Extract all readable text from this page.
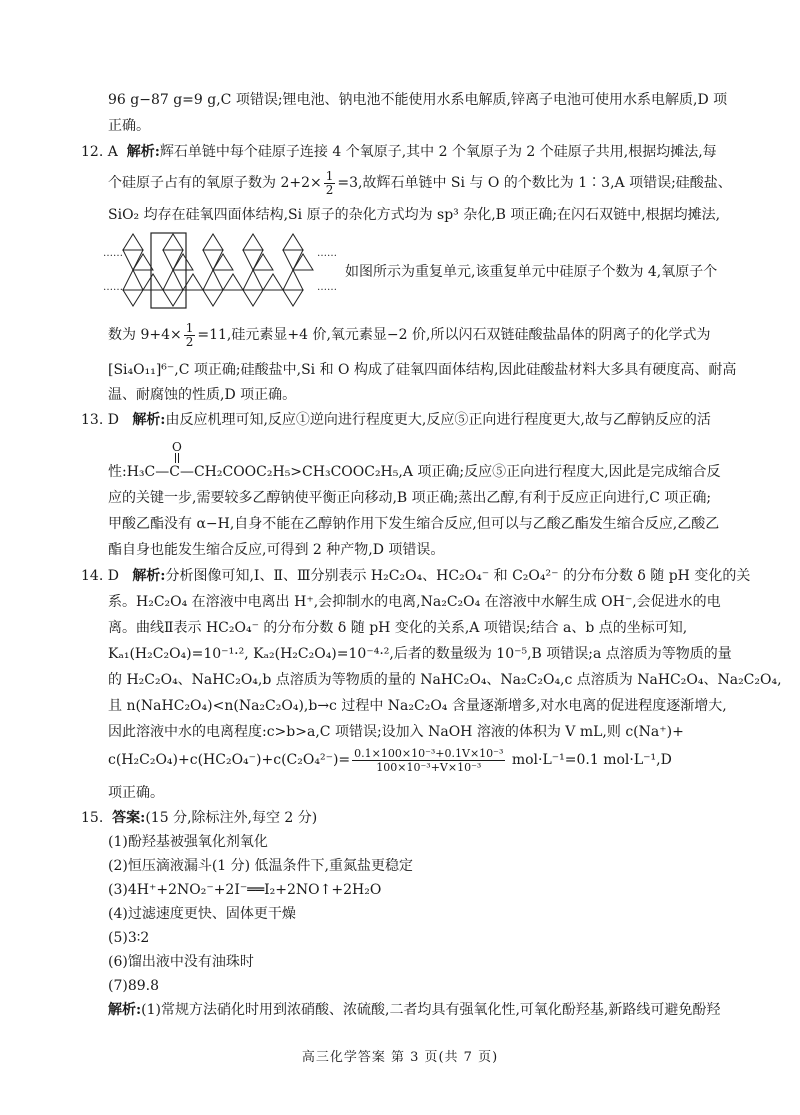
96 g−87 g=9 g,C 项错误;锂电池、钠电池不能使用水系电解质,锌离子电池可使用水系电解质,D 项
正确。
12. A 解析:辉石单链中每个硅原子连接 4 个氧原子,其中 2 个氧原子为 2 个硅原子共用,根据均摊法,每
个硅原子占有的氧原子数为 $2+2\times \frac{1}{2} =3$,故辉石单链中 Si 与 O 的个数比为 1∶3,A 项错误;硅酸盐、
SiO₂ 均存在硅氧四面体结构,Si 原子的杂化方式均为 sp³ 杂化,B 项正确;在闪石双链中,根据均摊法,
……
……
……
……
如图所示为重复单元,该重复单元中硅原子个数为 4,氧原子个
数为 $9+4\times \frac{1}{2} =11$,硅元素显+4 价,氧元素显−2 价,所以闪石双链硅酸盐晶体的阴离子的化学式为
[Si₄O₁₁]⁶⁻,C 项正确;硅酸盐中,Si 和 O 构成了硅氧四面体结构,因此硅酸盐材料大多具有硬度高、耐高
温、耐腐蚀的性质,D 项正确。
13. D 解析:由反应机理可知,反应①逆向进行程度更大,反应⑤正向进行程度更大,故与乙醇钠反应的活
O
性:H₃C—C—CH₂COOC₂H₅>CH₃COOC₂H₅,A 项正确;反应⑤正向进行程度大,因此是完成缩合反
应的关键一步,需要较多乙醇钠使平衡正向移动,B 项正确;蒸出乙醇,有利于反应正向进行,C 项正确;
甲酸乙酯没有 α−H,自身不能在乙醇钠作用下发生缩合反应,但可以与乙酸乙酯发生缩合反应,乙酸乙
酯自身也能发生缩合反应,可得到 2 种产物,D 项错误。
14. D 解析:分析图像可知,Ⅰ、Ⅱ、Ⅲ分别表示 H₂C₂O₄、HC₂O₄⁻ 和 C₂O₄²⁻ 的分布分数 δ 随 pH 变化的关
系。H₂C₂O₄ 在溶液中电离出 H⁺,会抑制水的电离,Na₂C₂O₄ 在溶液中水解生成 OH⁻,会促进水的电
离。曲线Ⅱ表示 HC₂O₄⁻ 的分布分数 δ 随 pH 变化的关系,A 项错误;结合 a、b 点的坐标可知,
Kₐ₁(H₂C₂O₄)=10⁻¹·², Kₐ₂(H₂C₂O₄)=10⁻⁴·²,后者的数量级为 10⁻⁵,B 项错误;a 点溶质为等物质的量
的 H₂C₂O₄、NaHC₂O₄,b 点溶质为等物质的量的 NaHC₂O₄、Na₂C₂O₄,c 点溶质为 NaHC₂O₄、Na₂C₂O₄,
且 n(NaHC₂O₄)<n(Na₂C₂O₄),b→c 过程中 Na₂C₂O₄ 含量逐渐增多,对水电离的促进程度逐渐增大,
因此溶液中水的电离程度:c>b>a,C 项错误;设加入 NaOH 溶液的体积为 V mL,则 c(Na⁺)+
$c(H_2C_2O_4)+c(HC_2O_4^-)+c(C_2O_4^{2-})= \frac{\text{0.1×100×10⁻³+0.1V×10⁻³}}{\text{100×10⁻³+V×10⁻³}} mol\cdot L^{-1}=0.1$ mol·L⁻¹,D
项正确。
15. 答案:(15 分,除标注外,每空 2 分)
(1)酚羟基被强氧化剂氧化
(2)恒压滴液漏斗(1 分) 低温条件下,重氮盐更稳定
(3)4H⁺+2NO₂⁻+2I⁻══I₂+2NO↑+2H₂O
(4)过滤速度更快、固体更干燥
(5)3∶2
(6)馏出液中没有油珠时
(7)89.8
解析:(1)常规方法硝化时用到浓硝酸、浓硫酸,二者均具有强氧化性,可氧化酚羟基,新路线可避免酚羟
高三化学答案 第 3 页(共 7 页)
